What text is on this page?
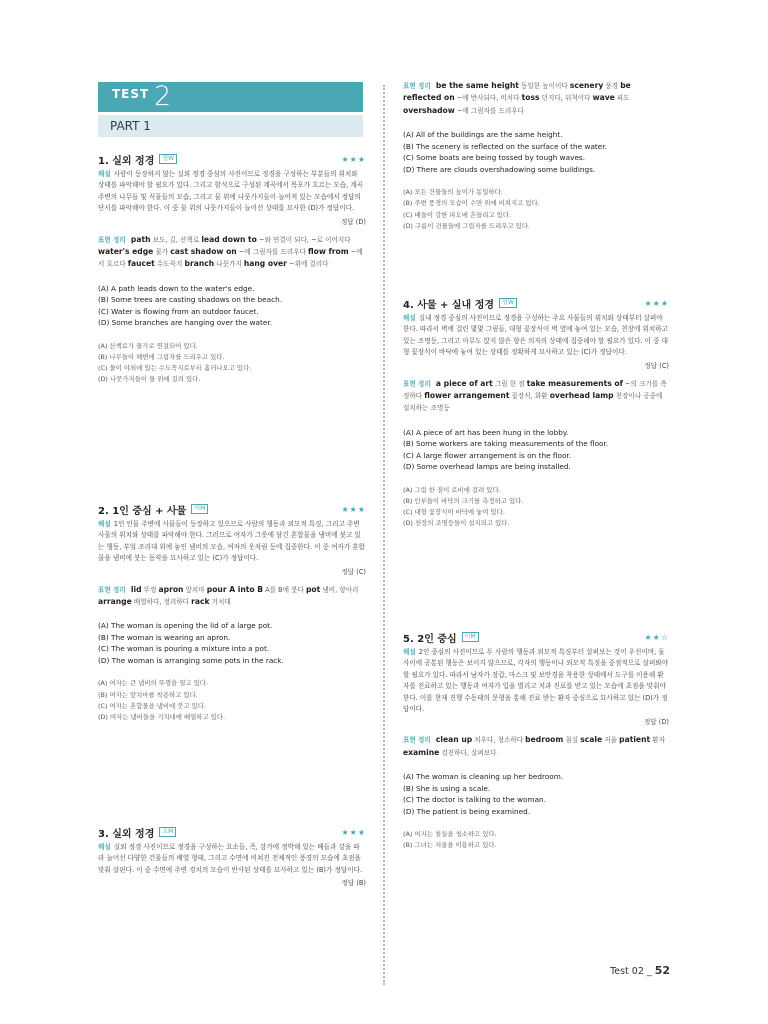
TEST 2
PART 1
1. 실외 정경	영W	★★★
해설 사람이 등장하지 않는 실외 정경 중심의 사진이므로 정경을 구성하는 부분들의 위치와 상태를 파악해야 할 필요가 있다. 그리고 함석으로 구성된 계곡에서 목포가 흐르는 모습, 계곡 주변의 나무들 및 식물들의 모습, 그리고 물 위에 나뭇가지들이 늘어져 있는 모습에서 정답의 단서를 파악해야 한다. 이 중 물 위의 나뭇가지들이 늘어선 상태를 묘사한 (D)가 정답이다.
정답 (D)
표현 정리 path 보도, 길, 산책로 lead down to ~와 연결이 되다, ~로 이어지다 water's edge 물가 cast shadow on ~에 그림자를 드리우다 flow from ~에서 흐르다 faucet 수도꼭지 branch 나뭇가지 hang over ~위에 걸리다
(A) A path leads down to the water's edge.
(B) Some trees are casting shadows on the beach.
(C) Water is flowing from an outdoor faucet.
(D) Some branches are hanging over the water.
(A) 산책로가 물가로 연결되어 있다.
(B) 나무들이 해변에 그림자를 드리우고 있다.
(C) 물이 야외에 있는 수도꼭지로부터 흘러나오고 있다.
(D) 나뭇가지들이 물 위에 걸려 있다.
2. 1인 중심 + 사물	미M	★★★
해설 1인 인물 주변에 사물들이 등장하고 있으므로 사람의 행동과 외모적 특징, 그리고 주변 사물의 위치와 상태를 파악해야 한다. 그러므로 여자가 그릇에 담긴 혼합물을 냄비에 붓고 있는 행동, 부엌 조리대 위에 놓인 냄비의 모습, 여자의 옷차림 등에 집중한다. 이 중 여자가 혼합물을 냄비에 붓는 동작을 묘사하고 있는 (C)가 정답이다.
정답 (C)
표현 정리 lid 뚜껑 apron 앞치마 pour A into B A를 B에 붓다 pot 냄비, 항아리 arrange 배열하다, 정리하다 rack 거치대
(A) The woman is opening the lid of a large pot.
(B) The woman is wearing an apron.
(C) The woman is pouring a mixture into a pot.
(D) The woman is arranging some pots in the rack.
(A) 여자는 큰 냄비의 뚜껑을 열고 있다.
(B) 여자는 앞치마를 착용하고 있다.
(C) 여자는 혼합물을 냄비에 붓고 있다.
(D) 여자는 냄비들을 거치대에 배열하고 있다.
3. 실외 정경	호M	★★★
해설 실외 정경 사진이므로 정경을 구성하는 요소들, 즉, 강가에 정박해 있는 배들과 강을 따라 늘어선 다양한 건물들의 배열 형태, 그리고 수면에 비쳐진 전체적인 풍경의 모습에 초점을 맞춰 살핀다. 이 중 수면에 주변 경치의 모습이 반사된 상태를 묘사하고 있는 (B)가 정답이다.
정답 (B)
표현 정리 be the same height 동일한 높이이다 scenery 풍경 be reflected on ~에 반사되다, 비치다 toss 던지다, 뒤척이다 wave 파도 overshadow ~에 그림자를 드리우다
(A) All of the buildings are the same height.
(B) The scenery is reflected on the surface of the water.
(C) Some boats are being tossed by tough waves.
(D) There are clouds overshadowing some buildings.
(A) 모든 건물들의 높이가 동일하다.
(B) 주변 풍경의 모습이 수면 위에 비쳐지고 있다.
(C) 배들이 강한 파도에 흔들리고 있다.
(D) 구름이 건물들에 그림자를 드리우고 있다.
4. 사물 + 실내 정경	영W	★★★
해설 실내 정경 중심의 사진이므로 정경을 구성하는 주요 사물들의 위치와 상태부터 살펴야 한다. 따라서 벽에 걸린 몇몇 그림들, 대형 꽃장식이 벽 옆에 놓여 있는 모습, 천장에 위치하고 있는 조명등, 그리고 아무도 앉지 않은 향은 의자의 상태에 집중해야 할 필요가 있다. 이 중 대형 꽃장식이 바닥에 놓여 있는 상태를 정확하게 묘사하고 있는 (C)가 정답이다.
정답 (C)
표현 정리 a piece of art 그림 한 점 take measurements of ~의 크기를 측정하다 flower arrangement 꽃장식, 화환 overhead lamp 천장이나 공중에 설치하는 조명등
(A) A piece of art has been hung in the lobby.
(B) Some workers are taking measurements of the floor.
(C) A large flower arrangement is on the floor.
(D) Some overhead lamps are being installed.
(A) 그림 한 점이 로비에 걸려 있다.
(B) 인부들이 바닥의 크기를 측정하고 있다.
(C) 대형 꽃장식이 바닥에 놓여 있다.
(D) 천장의 조명등들이 설치되고 있다.
5. 2인 중심	미M	★★☆
해설 2인 중심의 사진이므로 두 사람의 행동과 외모적 특징부터 살펴보는 것이 우선이며, 둘 사이에 공통된 행동은 보이지 않으므로, 각자의 행동이나 외모적 특징을 중점적으로 살펴봐야 할 필요가 있다. 따라서 남자가 장갑, 마스크 및 보안경을 착용한 상태에서 도구를 이용해 환자를 진료하고 있는 행동과 여자가 입을 벌리고 치과 진료를 받고 있는 모습에 초점을 맞춰야 한다. 이를 현재 진행 수동태의 문형을 통해 진료 받는 환자 중심으로 묘사하고 있는 (D)가 정답이다.
정답 (D)
표현 정리 clean up 치우다, 청소하다 bedroom 침실 scale 저울 patient 환자 examine 검진하다, 살펴보다
(A) The woman is cleaning up her bedroom.
(B) She is using a scale.
(C) The doctor is talking to the woman.
(D) The patient is being examined.
(A) 여자는 침실을 청소하고 있다.
(B) 그녀는 저울을 이용하고 있다.
Test 02 _ 52
